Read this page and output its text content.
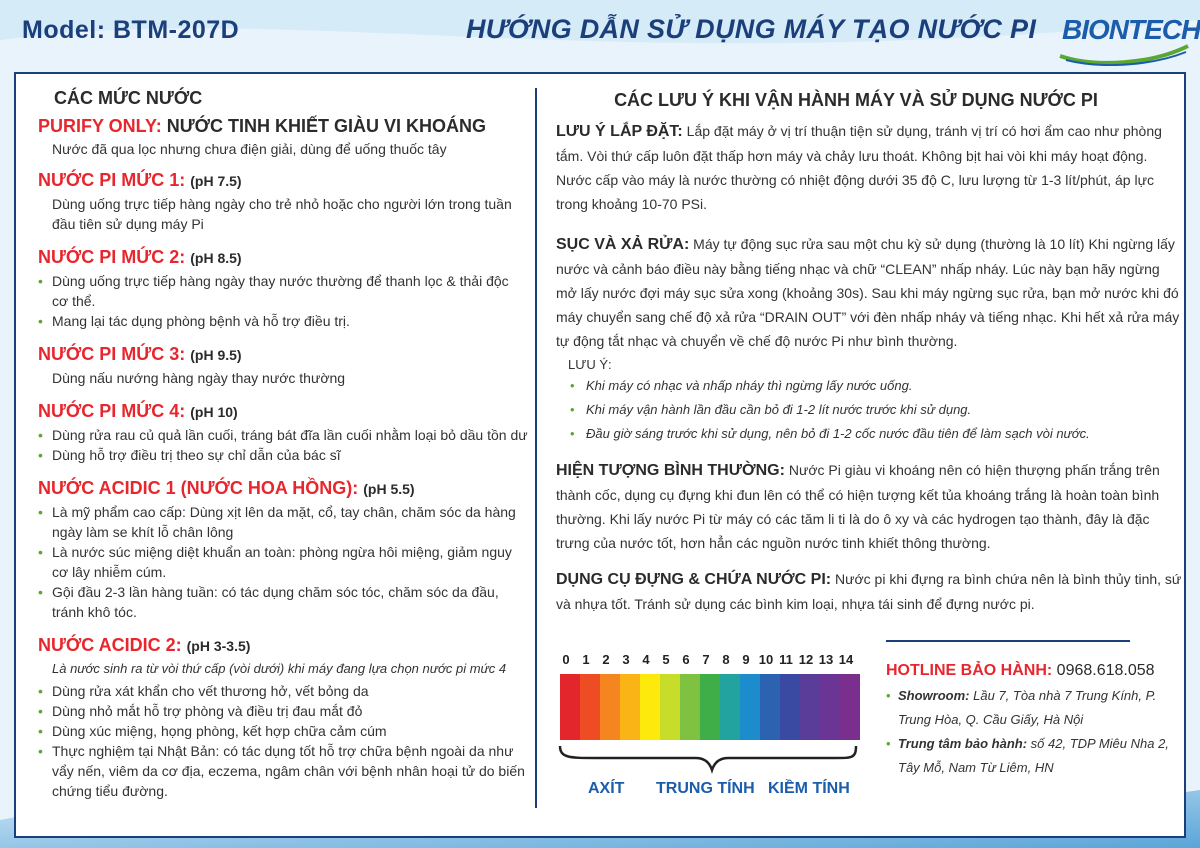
Model: BTM-207D	HƯỚNG DẪN SỬ DỤNG MÁY TẠO NƯỚC PI BIONTECH
CÁC MỨC NƯỚC
PURIFY ONLY: NƯỚC TINH KHIẾT GIÀU VI KHOÁNG
Nước đã qua lọc nhưng chưa điện giải, dùng để uống thuốc tây
NƯỚC PI MỨC 1: (pH 7.5)
Dùng uống trực tiếp hàng ngày cho trẻ nhỏ hoặc cho người lớn trong tuần đầu tiên sử dụng máy Pi
NƯỚC PI MỨC 2: (pH 8.5)
• Dùng uống trực tiếp hàng ngày thay nước thường để thanh lọc & thải độc cơ thể.
• Mang lại tác dụng phòng bệnh và hỗ trợ điều trị.
NƯỚC PI MỨC 3: (pH 9.5)
Dùng nấu nướng hàng ngày thay nước thường
NƯỚC PI MỨC 4: (pH 10)
• Dùng rửa rau củ quả lần cuối, tráng bát đĩa lần cuối nhằm loại bỏ dầu tồn dư
• Dùng hỗ trợ điều trị theo sự chỉ dẫn của bác sĩ
NƯỚC ACIDIC 1 (NƯỚC HOA HỒNG): (pH 5.5)
• Là mỹ phẩm cao cấp: Dùng xịt lên da mặt, cổ, tay chân, chăm sóc da hàng ngày làm se khít lỗ chân lông
• Là nước súc miệng diệt khuẩn an toàn: phòng ngừa hôi miệng, giảm nguy cơ lây nhiễm cúm.
• Gội đầu 2-3 lần hàng tuần: có tác dụng chăm sóc tóc, chăm sóc da đầu, tránh khô tóc.
NƯỚC ACIDIC 2: (pH 3-3.5)
Là nước sinh ra từ vòi thứ cấp (vòi dưới) khi máy đang lựa chọn nước pi mức 4
• Dùng rửa xát khẩn cho vết thương hở, vết bỏng da
• Dùng nhỏ mắt hỗ trợ phòng và điều trị đau mắt đỏ
• Dùng xúc miệng, họng phòng, kết hợp chữa cảm cúm
• Thực nghiệm tại Nhật Bản: có tác dụng tốt hỗ trợ chữa bệnh ngoài da như vẩy nến, viêm da cơ địa, eczema, ngâm chân với bệnh nhân hoại tử do biến chứng tiểu đường.
CÁC LƯU Ý KHI VẬN HÀNH MÁY VÀ SỬ DỤNG NƯỚC PI

LƯU Ý LẮP ĐẶT: Lắp đặt máy ở vị trí thuận tiện sử dụng, tránh vị trí có hơi ẩm cao như phòng tắm. Vòi thứ cấp luôn đặt thấp hơn máy và chảy lưu thoát. Không bịt hai vòi khi máy hoạt động. Nước cấp vào máy là nước thường có nhiệt động dưới 35 độ C, lưu lượng từ 1-3 lít/phút, áp lực trong khoảng 10-70 PSi.

SỤC VÀ XẢ RỬA: Máy tự động sục rửa sau một chu kỳ sử dụng (thường là 10 lít) Khi ngừng lấy nước và cảnh báo điều này bằng tiếng nhạc và chữ “CLEAN” nhấp nháy. Lúc này bạn hãy ngừng mở lấy nước đợi máy sục sửa xong (khoảng 30s). Sau khi máy ngừng sục rửa, bạn mở nước khi đó máy chuyển sang chế độ xả rửa “DRAIN OUT” với đèn nhấp nháy và tiếng nhạc. Khi hết xả rửa máy tự động tắt nhạc và chuyển về chế độ nước Pi như bình thường.

LƯU Ý:
• Khi máy có nhạc và nhấp nháy thì ngừng lấy nước uống.
• Khi máy vận hành lần đầu cần bỏ đi 1-2 lít nước trước khi sử dụng.
• Đầu giờ sáng trước khi sử dụng, nên bỏ đi 1-2 cốc nước đầu tiên để làm sạch vòi nước.

HIỆN TƯỢNG BÌNH THƯỜNG: Nước Pi giàu vi khoáng nên có hiện thượng phấn trắng trên thành cốc, dụng cụ đựng khi đun lên có thể có hiện tượng kết tủa khoáng trắng là hoàn toàn bình thường. Khi lấy nước Pi từ máy có các tăm li ti là do ô xy và các hydrogen tạo thành, đây là đặc trưng của nước tốt, hơn hẳn các nguồn nước tinh khiết thông thường.

DỤNG CỤ ĐỰNG & CHỨA NƯỚC PI: Nước pi khi đựng ra bình chứa nên là bình thủy tinh, sứ và nhựa tốt. Tránh sử dụng các bình kim loại, nhựa tái sinh để đựng nước pi.

0 1 2 3 4 5 6 7 8 9 10 11 12 13 14
AXÍT TRUNG TÍNH KIỀM TÍNH
HOTLINE BẢO HÀNH: 0968.618.058
• Showroom: Lầu 7, Tòa nhà 7 Trung Kính, P. Trung Hòa, Q. Cầu Giấy, Hà Nội
• Trung tâm bảo hành: số 42, TDP Miêu Nha 2, Tây Mỗ, Nam Từ Liêm, HN
